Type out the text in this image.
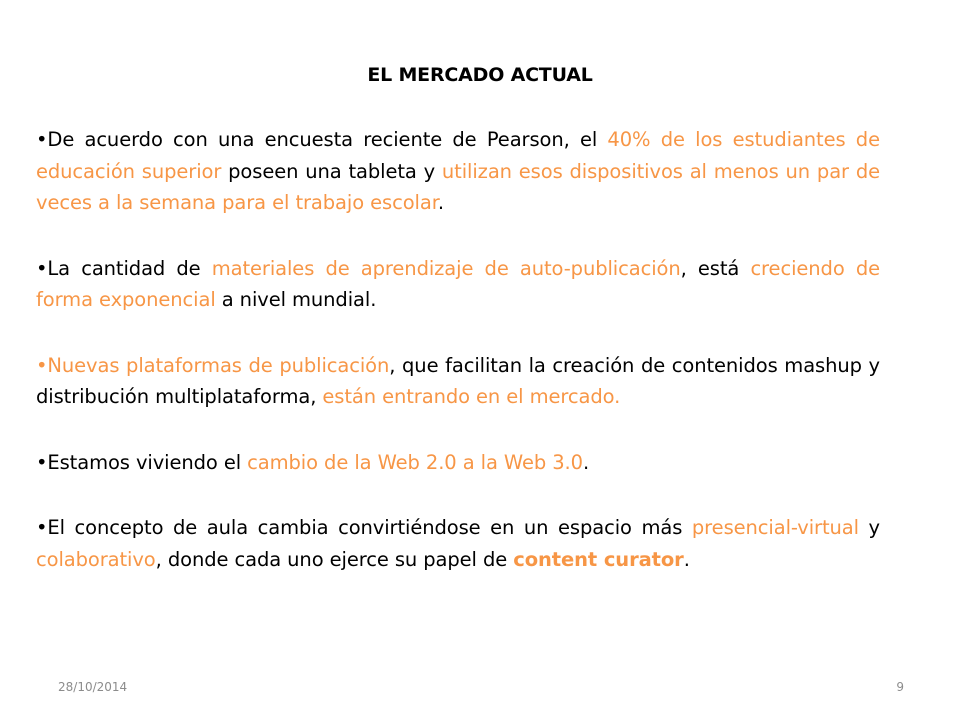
EL MERCADO ACTUAL

•De acuerdo con una encuesta reciente de Pearson, el 40% de los estudiantes de educación superior poseen una tableta y utilizan esos dispositivos al menos un par de veces a la semana para el trabajo escolar.

•La cantidad de materiales de aprendizaje de auto-publicación, está creciendo de forma exponencial a nivel mundial.

•Nuevas plataformas de publicación, que facilitan la creación de contenidos mashup y distribución multiplataforma, están entrando en el mercado.

•Estamos viviendo el cambio de la Web 2.0 a la Web 3.0.

•El concepto de aula cambia convirtiéndose en un espacio más presencial-virtual y colaborativo, donde cada uno ejerce su papel de content curator.

28/10/2014	9
